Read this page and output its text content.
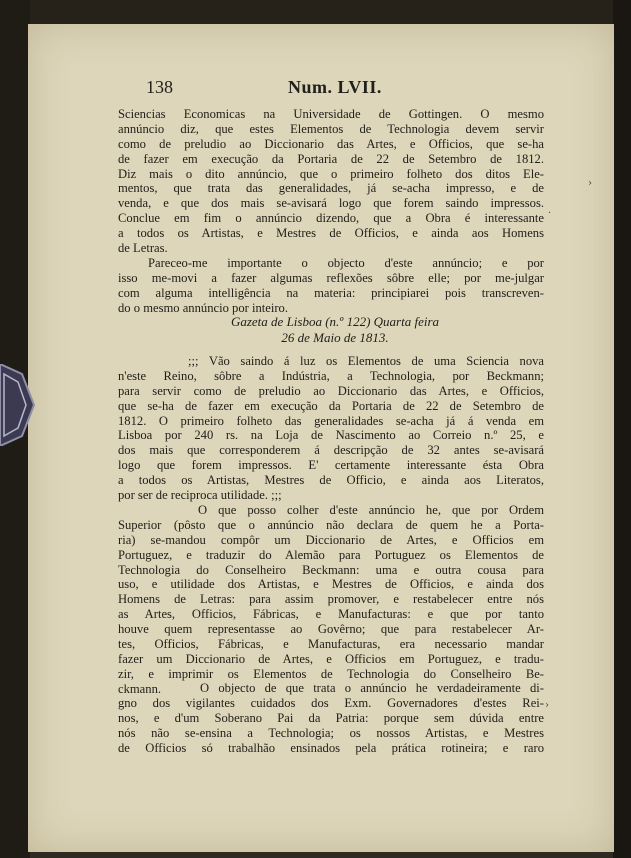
138	Num. LVII.
Sciencias Economicas na Universidade de Gottingen. O mesmo
annúncio diz, que estes Elementos de Technologia devem servir
como de preludio ao Diccionario das Artes, e Officios, que se-ha
de fazer em execução da Portaria de 22 de Setembro de 1812.
Diz mais o dito annúncio, que o primeiro folheto dos ditos Ele-
mentos, que trata das generalidades, já se-acha impresso, e de
venda, e que dos mais se-avisará logo que forem saindo impressos.
Conclue em fim o annúncio dizendo, que a Obra é interessante
a todos os Artistas, e Mestres de Officios, e ainda aos Homens
de Letras.
Pareceo-me importante o objecto d'este annúncio; e por
isso me-movi a fazer algumas reflexões sôbre elle; por me-julgar
com alguma intelligência na materia: principiarei pois transcreven-
do o mesmo annúncio por inteiro.
Gazeta de Lisboa (n.º 122) Quarta feira
26 de Maio de 1813.
;;; Vão saindo á luz os Elementos de uma Sciencia nova
n'este Reino, sôbre a Indústria, a Technologia, por Beckmann;
para servir como de preludio ao Diccionario das Artes, e Officios,
que se-ha de fazer em execução da Portaria de 22 de Setembro de
1812. O primeiro folheto das generalidades se-acha já á venda em
Lisboa por 240 rs. na Loja de Nascimento ao Correio n.º 25, e
dos mais que corresponderem á descripção de 32 antes se-avisará
logo que forem impressos. E' certamente interessante ésta Obra
a todos os Artistas, Mestres de Officio, e ainda aos Literatos,
por ser de reciproca utilidade. ;;;
O que posso colher d'este annúncio he, que por Ordem
Superior (pôsto que o annúncio não declara de quem he a Porta-
ria) se-mandou compôr um Diccionario de Artes, e Officios em
Portuguez, e traduzir do Alemão para Portuguez os Elementos de
Technologia do Conselheiro Beckmann: uma e outra cousa para
uso, e utilidade dos Artistas, e Mestres de Officios, e ainda dos
Homens de Letras: para assim promover, e restabelecer entre nós
as Artes, Officios, Fábricas, e Manufacturas: e que por tanto
houve quem representasse ao Govêrno; que para restabelecer Ar-
tes, Officios, Fábricas, e Manufacturas, era necessario mandar
fazer um Diccionario de Artes, e Officios em Portuguez, e tradu-
zir, e imprimir os Elementos de Technologia do Conselheiro Be-
ckmann.	O objecto de que trata o annúncio he verdadeiramente di-
gno dos vigilantes cuidados dos Exm. Governadores d'estes Rei-
nos, e d'um Soberano Pai da Patria: porque sem dúvida entre
nós não se-ensina a Technologia; os nossos Artistas, e Mestres
de Officios só trabalhão ensinados pela prática rotineira; e raro
›
·
›
